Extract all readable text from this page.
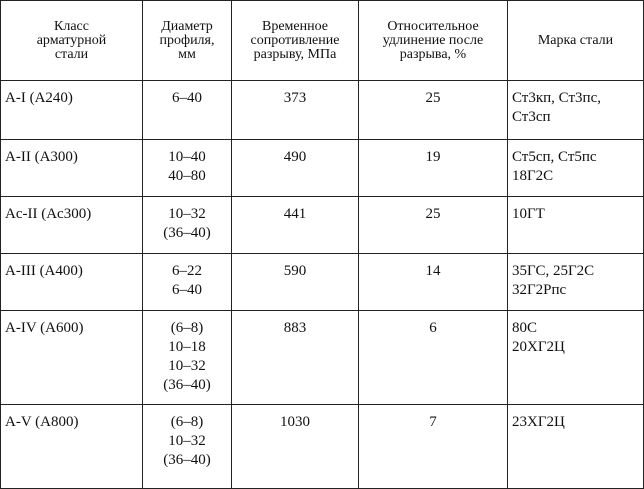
Класс
арматурной
стали	Диаметр
профиля,
мм	Временное
сопротивление
разрыву, МПа	Относительное
удлинение после
разрыва, %	Марка стали

A-I (A240)	6–40	373	25	Ст3кп, Ст3пс,
Ст3сп

A-II (A300)	10–40
40–80	490	19	Ст5сп, Ст5пс
18Г2С

Ac-II (Ac300)	10–32
(36–40)	441	25	10ГТ

A-III (A400)	6–22
6–40	590	14	35ГС, 25Г2С
32Г2Рпс

A-IV (A600)	(6–8)
10–18
10–32
(36–40)	883	6	80С
20ХГ2Ц

A-V (A800)	(6–8)
10–32
(36–40)	1030	7	23ХГ2Ц
